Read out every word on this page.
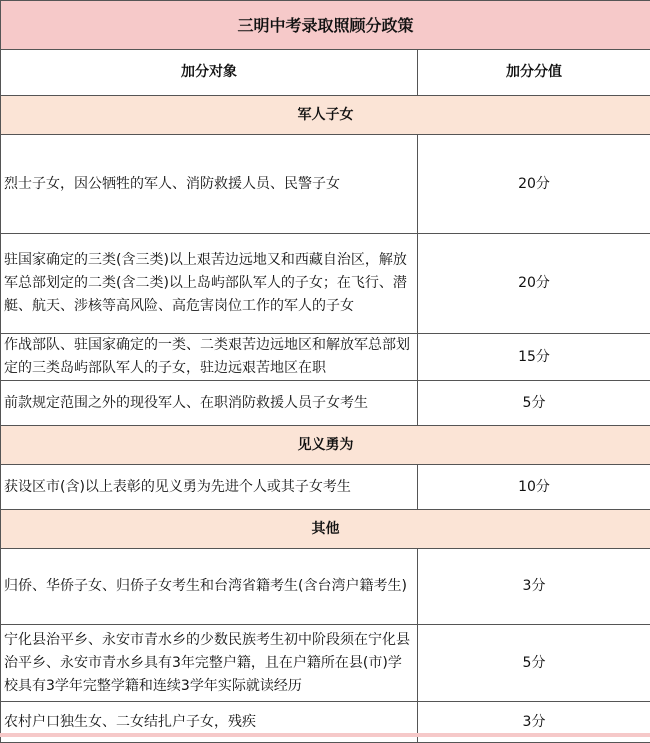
三明中考录取照顾分政策	
加分对象	加分分值
军人子女	
烈士子女，因公牺牲的军人、消防救援人员、民警子女	20分
驻国家确定的三类(含三类)以上艰苦边远地又和西藏自治区，解放军总部划定的二类(含二类)以上岛屿部队军人的子女；在飞行、潜艇、航天、涉核等高风险、高危害岗位工作的军人的子女	20分
作战部队、驻国家确定的一类、二类艰苦边远地区和解放军总部划定的三类岛屿部队军人的子女，驻边远艰苦地区在职	15分
前款规定范围之外的现役军人、在职消防救援人员子女考生	5分
见义勇为	
获设区市(含)以上表彰的见义勇为先进个人或其子女考生	10分
其他	
归侨、华侨子女、归侨子女考生和台湾省籍考生(含台湾户籍考生)	3分
宁化县治平乡、永安市青水乡的少数民族考生初中阶段须在宁化县治平乡、永安市青水乡具有3年完整户籍，且在户籍所在县(市)学校具有3学年完整学籍和连续3学年实际就读经历	5分
农村户口独生女、二女结扎户子女，残疾	3分
